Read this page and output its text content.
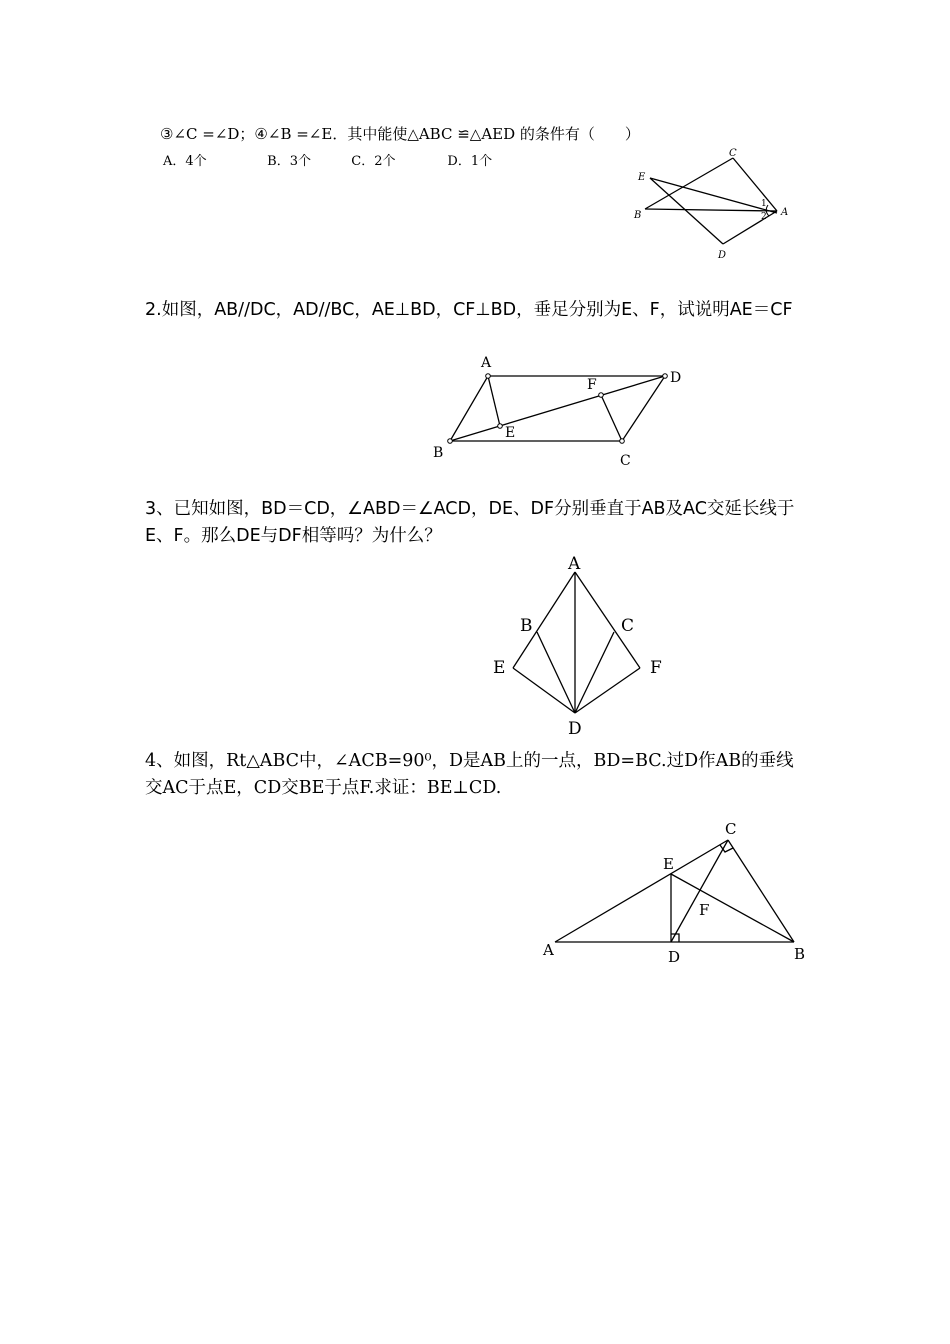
③∠C =∠D；④∠B =∠E．其中能使△ABC ≌△AED 的条件有（　　）
A．4个	B．3个	C．2个	D．1个
C
E
B	A
D
1
2
2.如图，AB//DC，AD//BC，AE⊥BD，CF⊥BD，垂足分别为E、F，试说明AE＝CF
A
D
F
E
B	C
3、已知如图，BD＝CD，∠ABD＝∠ACD，DE、DF分别垂直于AB及AC交延长线于E、F。那么DE与DF相等吗？为什么？
A
B	C
E	F
D
4、如图，Rt△ABC中，∠ACB=90⁰，D是AB上的一点，BD=BC.过D作AB的垂线交AC于点E，CD交BE于点F.求证：BE⊥CD.
C
E
F
A	D	B
